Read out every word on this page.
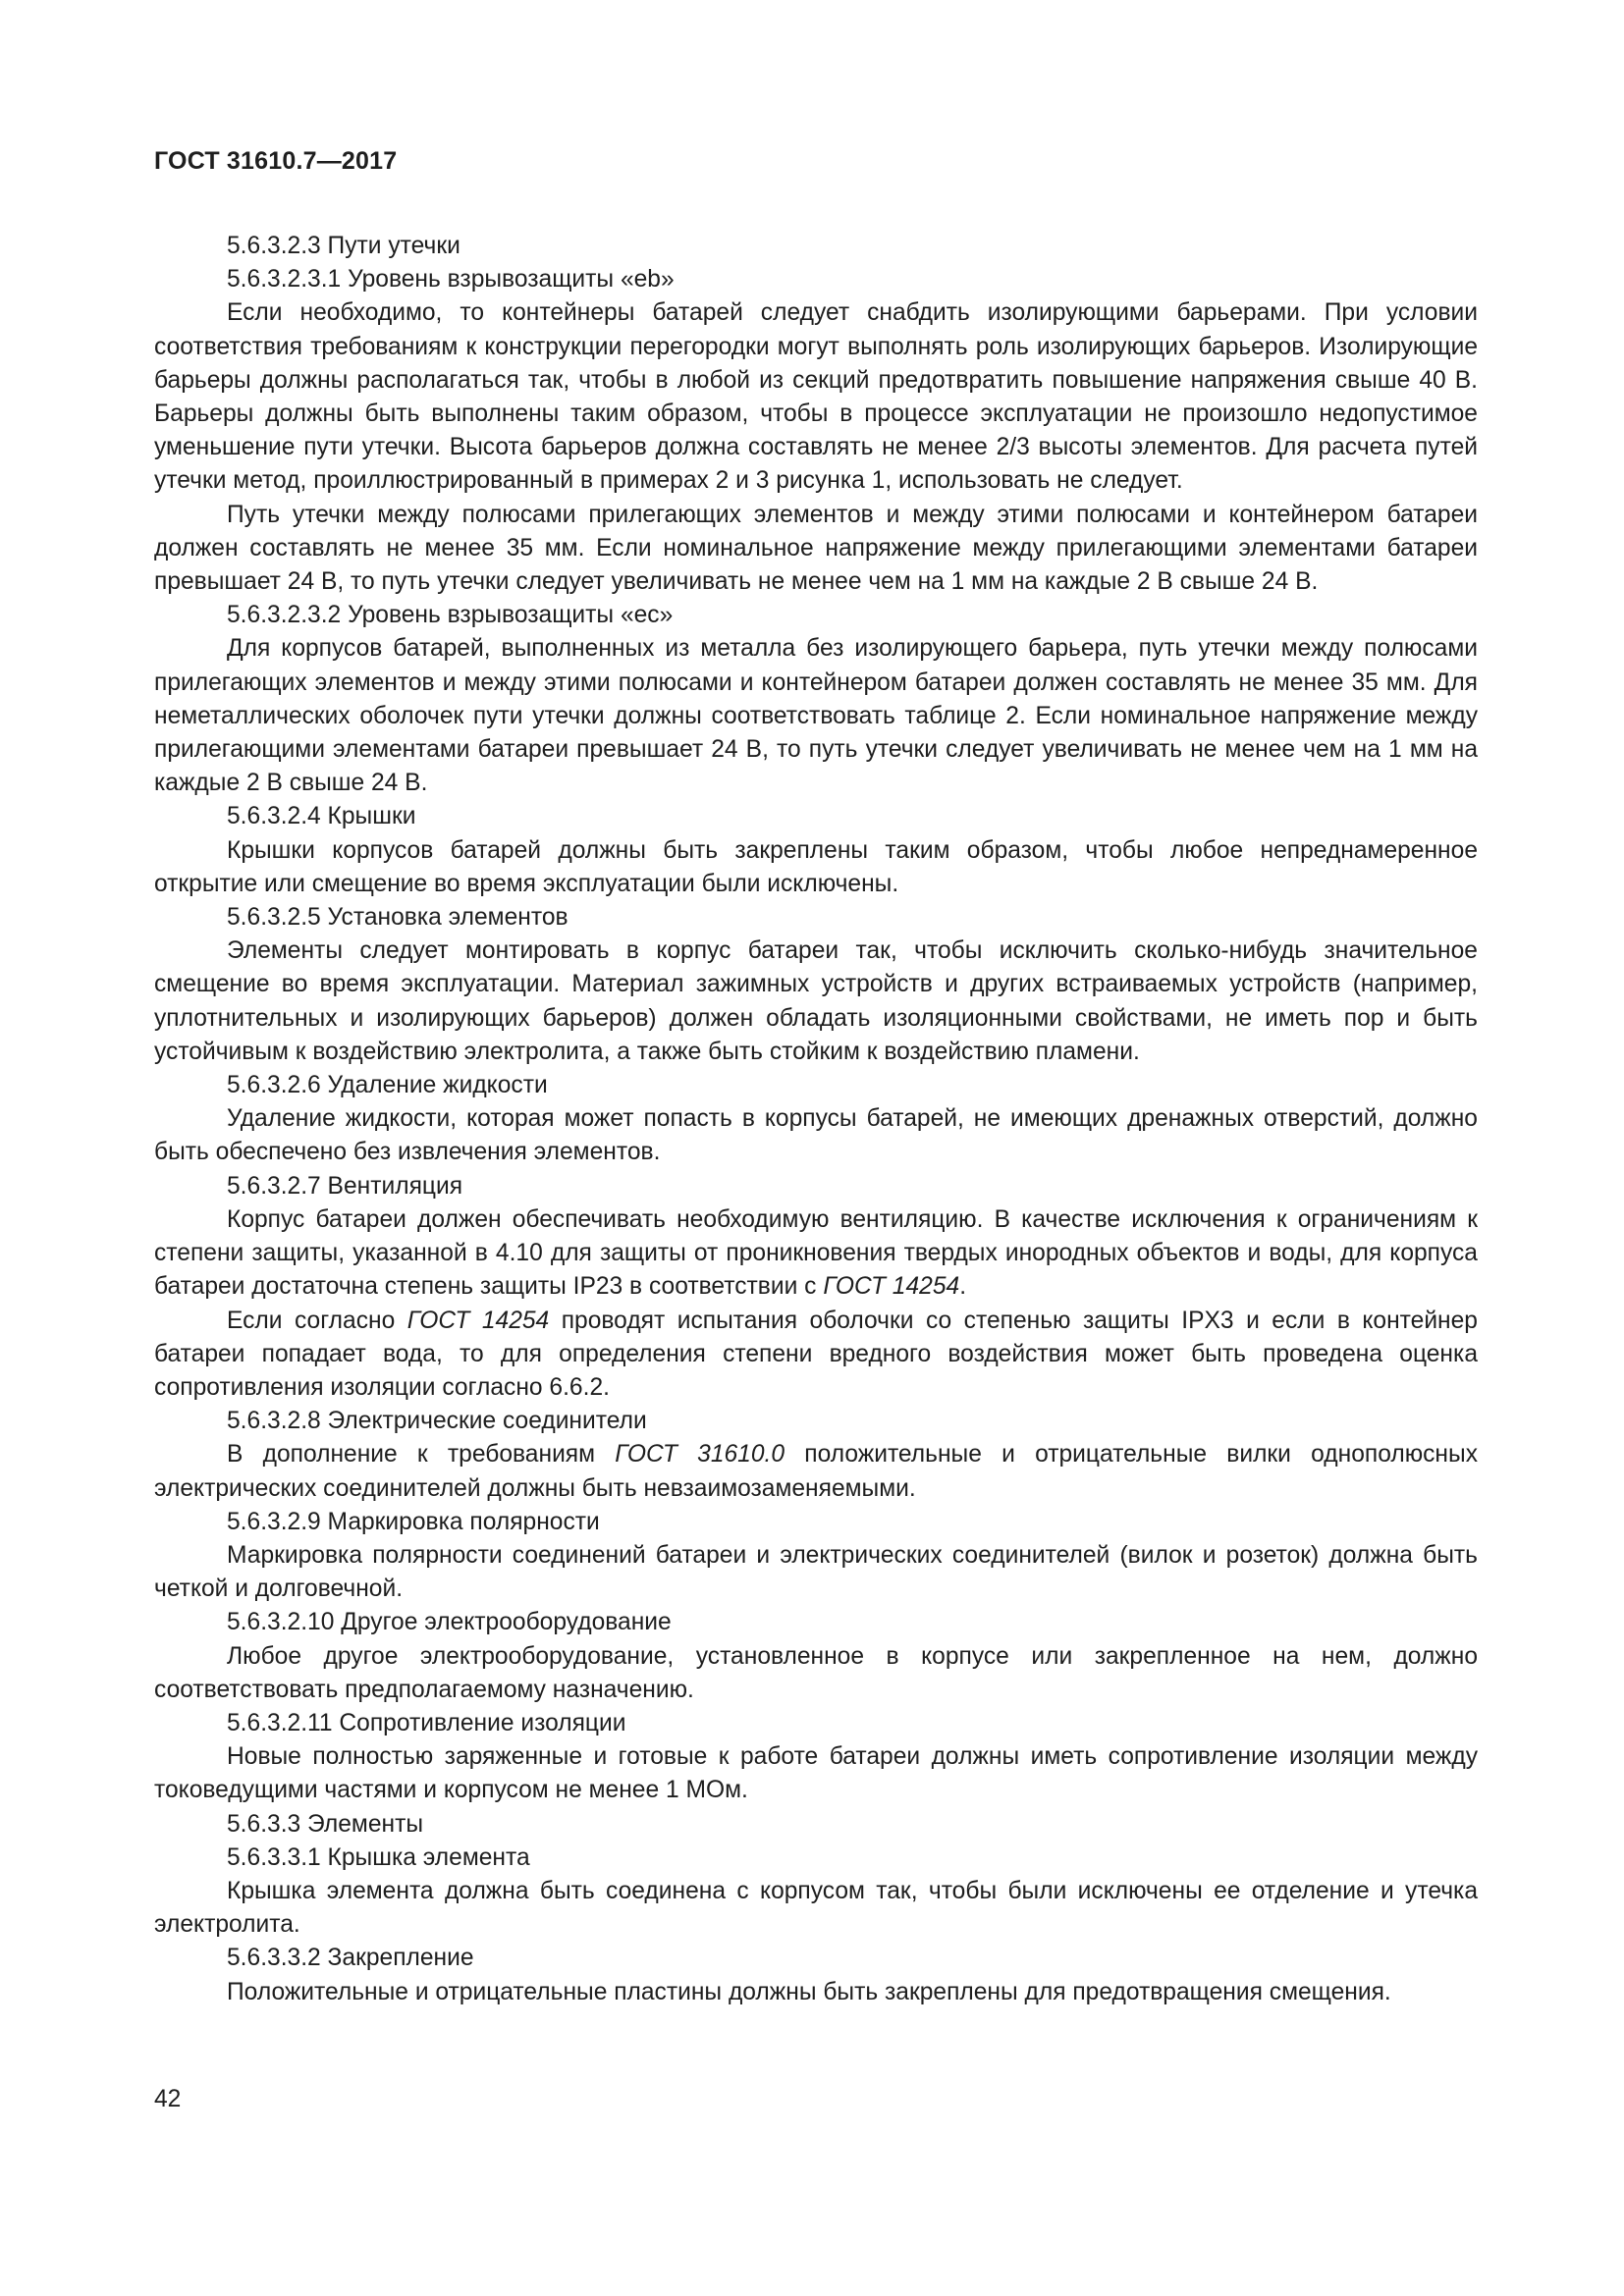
ГОСТ 31610.7—2017

5.6.3.2.3 Пути утечки

5.6.3.2.3.1 Уровень взрывозащиты «eb»

Если необходимо, то контейнеры батарей следует снабдить изолирующими барьерами. При условии соответствия требованиям к конструкции перегородки могут выполнять роль изолирующих барьеров. Изолирующие барьеры должны располагаться так, чтобы в любой из секций предотвратить повышение напряжения свыше 40 В. Барьеры должны быть выполнены таким образом, чтобы в процессе эксплуатации не произошло недопустимое уменьшение пути утечки. Высота барьеров должна составлять не менее 2/3 высоты элементов. Для расчета путей утечки метод, проиллюстрированный в примерах 2 и 3 рисунка 1, использовать не следует.

Путь утечки между полюсами прилегающих элементов и между этими полюсами и контейнером батареи должен составлять не менее 35 мм. Если номинальное напряжение между прилегающими элементами батареи превышает 24 В, то путь утечки следует увеличивать не менее чем на 1 мм на каждые 2 В свыше 24 В.

5.6.3.2.3.2 Уровень взрывозащиты «ec»

Для корпусов батарей, выполненных из металла без изолирующего барьера, путь утечки между полюсами прилегающих элементов и между этими полюсами и контейнером батареи должен составлять не менее 35 мм. Для неметаллических оболочек пути утечки должны соответствовать таблице 2. Если номинальное напряжение между прилегающими элементами батареи превышает 24 В, то путь утечки следует увеличивать не менее чем на 1 мм на каждые 2 В свыше 24 В.

5.6.3.2.4 Крышки

Крышки корпусов батарей должны быть закреплены таким образом, чтобы любое непреднамеренное открытие или смещение во время эксплуатации были исключены.

5.6.3.2.5 Установка элементов

Элементы следует монтировать в корпус батареи так, чтобы исключить сколько-нибудь значительное смещение во время эксплуатации. Материал зажимных устройств и других встраиваемых устройств (например, уплотнительных и изолирующих барьеров) должен обладать изоляционными свойствами, не иметь пор и быть устойчивым к воздействию электролита, а также быть стойким к воздействию пламени.

5.6.3.2.6 Удаление жидкости

Удаление жидкости, которая может попасть в корпусы батарей, не имеющих дренажных отверстий, должно быть обеспечено без извлечения элементов.

5.6.3.2.7 Вентиляция

Корпус батареи должен обеспечивать необходимую вентиляцию. В качестве исключения к ограничениям к степени защиты, указанной в 4.10 для защиты от проникновения твердых инородных объектов и воды, для корпуса батареи достаточна степень защиты IP23 в соответствии с ГОСТ 14254.

Если согласно ГОСТ 14254 проводят испытания оболочки со степенью защиты IPX3 и если в контейнер батареи попадает вода, то для определения степени вредного воздействия может быть проведена оценка сопротивления изоляции согласно 6.6.2.

5.6.3.2.8 Электрические соединители

В дополнение к требованиям ГОСТ 31610.0 положительные и отрицательные вилки однополюсных электрических соединителей должны быть невзаимозаменяемыми.

5.6.3.2.9 Маркировка полярности

Маркировка полярности соединений батареи и электрических соединителей (вилок и розеток) должна быть четкой и долговечной.

5.6.3.2.10 Другое электрооборудование

Любое другое электрооборудование, установленное в корпусе или закрепленное на нем, должно соответствовать предполагаемому назначению.

5.6.3.2.11 Сопротивление изоляции

Новые полностью заряженные и готовые к работе батареи должны иметь сопротивление изоляции между токоведущими частями и корпусом не менее 1 МОм.

5.6.3.3 Элементы

5.6.3.3.1 Крышка элемента

Крышка элемента должна быть соединена с корпусом так, чтобы были исключены ее отделение и утечка электролита.

5.6.3.3.2 Закрепление

Положительные и отрицательные пластины должны быть закреплены для предотвращения смещения.

42
